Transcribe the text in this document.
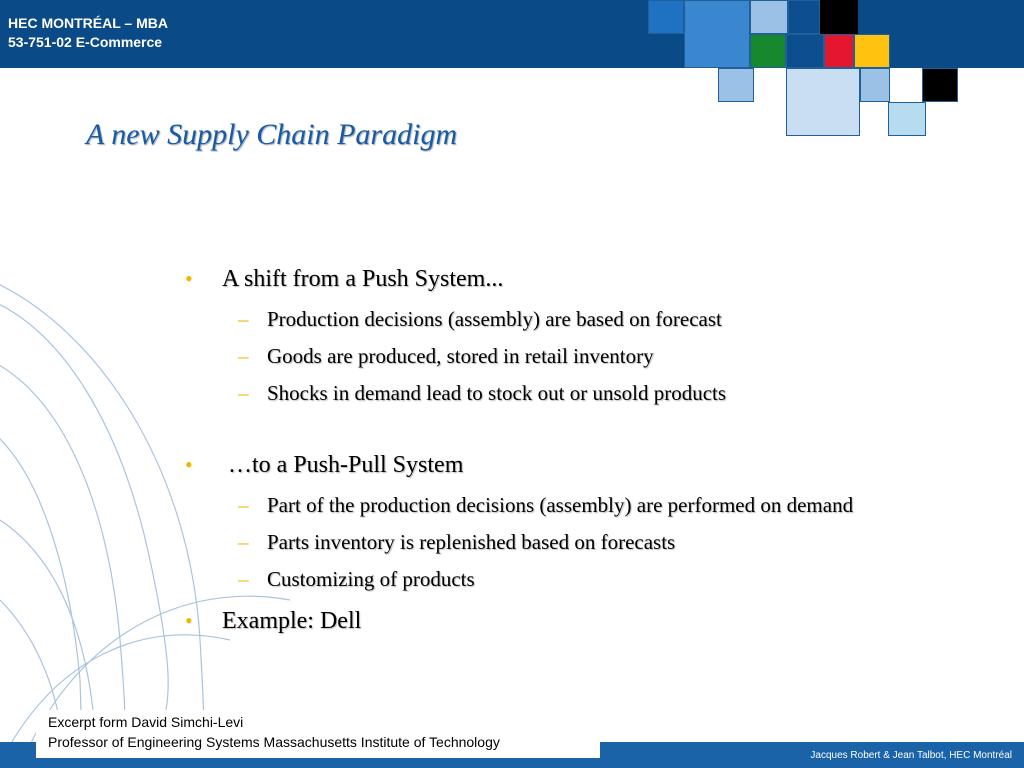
HEC MONTRÉAL – MBA
53-751-02 E-Commerce
A new Supply Chain Paradigm
• A shift from a Push System...
– Production decisions (assembly) are based on forecast
– Goods are produced, stored in retail inventory
– Shocks in demand lead to stock out or unsold products
• …to a Push-Pull System
– Part of the production decisions (assembly) are performed on demand
– Parts inventory is replenished based on forecasts
– Customizing of products
• Example: Dell
Excerpt form David Simchi-Levi
Professor of Engineering Systems Massachusetts Institute of Technology
Jacques Robert & Jean Talbot, HEC Montréal
